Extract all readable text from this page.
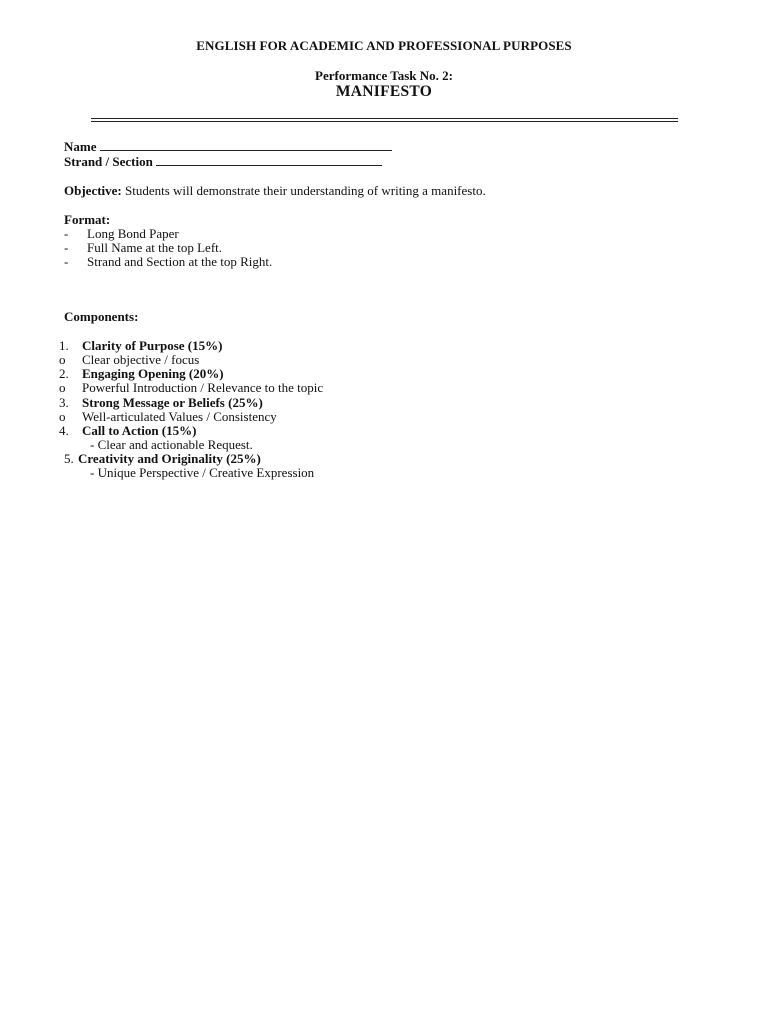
ENGLISH FOR ACADEMIC AND PROFESSIONAL PURPOSES
Performance Task No. 2:
MANIFESTO
Name
Strand / Section
Objective: Students will demonstrate their understanding of writing a manifesto.
Format:
- Long Bond Paper
- Full Name at the top Left.
- Strand and Section at the top Right.
Components:
1. Clarity of Purpose (15%)
o Clear objective / focus
2. Engaging Opening (20%)
o Powerful Introduction / Relevance to the topic
3. Strong Message or Beliefs (25%)
o Well-articulated Values / Consistency
4. Call to Action (15%)
- Clear and actionable Request.
5. Creativity and Originality (25%)
- Unique Perspective / Creative Expression
